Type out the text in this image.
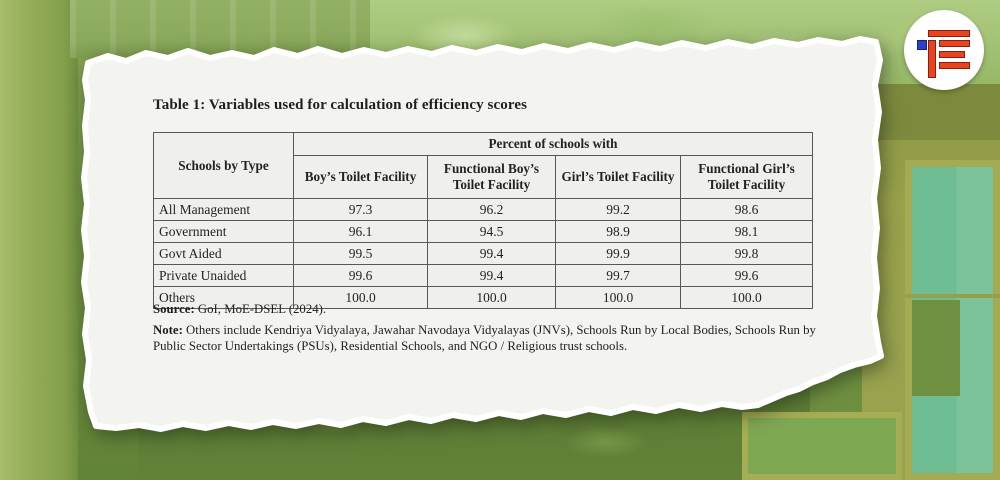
Table 1: Variables used for calculation of efficiency scores
Schools by Type	Percent of schools with			
	Boy’s Toilet Facility	Functional Boy’s Toilet Facility	Girl’s Toilet Facility	Functional Girl’s Toilet Facility
All Management	97.3	96.2	99.2	98.6
Government	96.1	94.5	98.9	98.1
Govt Aided	99.5	99.4	99.9	99.8
Private Unaided	99.6	99.4	99.7	99.6
Others	100.0	100.0	100.0	100.0
Source: GoI, MoE-DSEL (2024).
Note: Others include Kendriya Vidyalaya, Jawahar Navodaya Vidyalayas (JNVs), Schools Run by Local Bodies, Schools Run by Public Sector Undertakings (PSUs), Residential Schools, and NGO / Religious trust schools.
